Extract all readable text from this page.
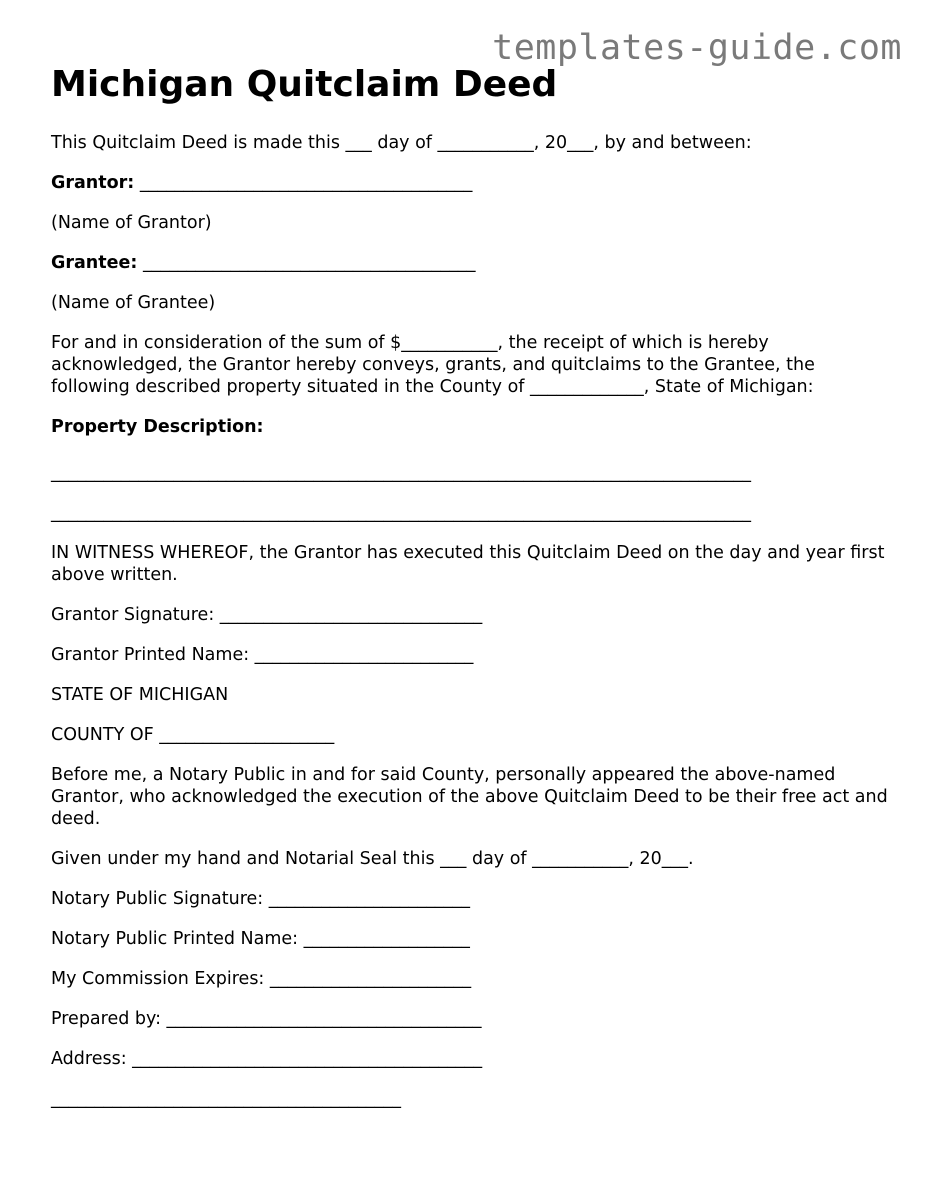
templates-guide.com
Michigan Quitclaim Deed

This Quitclaim Deed is made this ___ day of ___________, 20___, by and between:

Grantor: ______________________________________

(Name of Grantor)

Grantee: ______________________________________

(Name of Grantee)

For and in consideration of the sum of $___________, the receipt of which is hereby acknowledged, the Grantor hereby conveys, grants, and quitclaims to the Grantee, the following described property situated in the County of _____________, State of Michigan:

Property Description:

________________________________________________________________________________

________________________________________________________________________________

IN WITNESS WHEREOF, the Grantor has executed this Quitclaim Deed on the day and year first above written.

Grantor Signature: ______________________________

Grantor Printed Name: _________________________

STATE OF MICHIGAN

COUNTY OF ____________________

Before me, a Notary Public in and for said County, personally appeared the above-named Grantor, who acknowledged the execution of the above Quitclaim Deed to be their free act and deed.

Given under my hand and Notarial Seal this ___ day of ___________, 20___.

Notary Public Signature: _______________________

Notary Public Printed Name: ___________________

My Commission Expires: _______________________

Prepared by: ____________________________________

Address: ________________________________________

________________________________________
